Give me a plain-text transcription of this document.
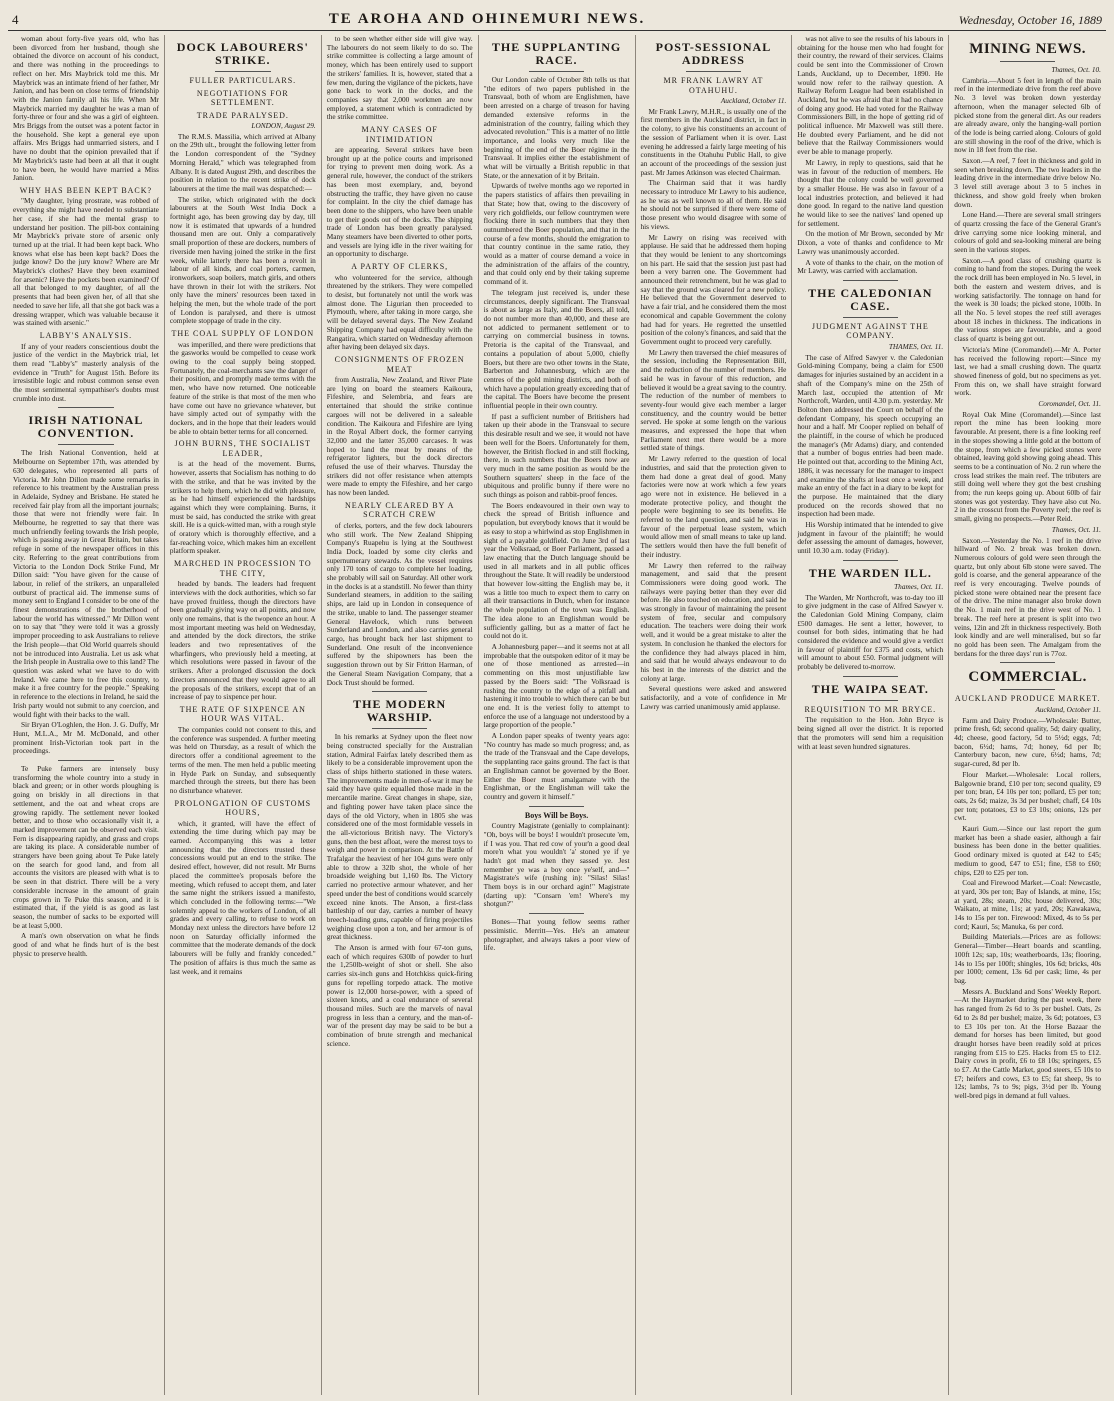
4	TE AROHA AND OHINEMURI NEWS.	Wednesday, October 16, 1889

woman about forty-five years old, who has been divorced from her husband, though she obtained the divorce on account of his conduct, and there was nothing in the proceedings to reflect on her. Mrs Maybrick told me this. Mr Maybrick was an intimate friend of her father, Mr Janion, and has been on close terms of friendship with the Janion family all his life. When Mr Maybrick married my daughter he was a man of forty-three or four and she was a girl of eighteen. Mrs Briggs from the outset was a potent factor in the household. She kept a general eye upon affairs. Mrs Briggs had unmarried sisters, and I have no doubt that the opinion prevailed that if Mr Maybrick's taste had been at all that it ought to have been, he would have married a Miss Janion.

WHY HAS BEEN KEPT BACK?

"My daughter, lying prostrate, was robbed of everything she might have needed to substantiate her case, if she had the mental grasp to understand her position. The pill-box containing Mr Maybrick's private store of arsenic only turned up at the trial. It had been kept back. Who knows what else has been kept back? Does the judge know? Do the jury know? Where are Mr Maybrick's clothes? Have they been examined for arsenic? Have the pockets been examined? Of all that belonged to my daughter, of all the presents that had been given her, of all that she needed to save her life, all that she got back was a dressing wrapper, which was valuable because it was stained with arsenic."

LABBY'S ANALYSIS.

If any of your readers conscientious doubt the justice of the verdict in the Maybrick trial, let them read "Labby's" masterly analysis of the evidence in "Truth" for August 15th. Before its irresistible logic and robust common sense even the most sentimental sympathiser's doubts must crumble into dust.

IRISH NATIONAL CONVENTION.

The Irish National Convention, held at Melbourne on September 17th, was attended by 630 delegates, who represented all parts of Victoria. Mr John Dillon made some remarks in reference to his treatment by the Australian press in Adelaide, Sydney and Brisbane. He stated he received fair play from all the important journals; those that were not friendly were fair. In Melbourne, he regretted to say that there was much unfriendly feeling towards the Irish people, which is passing away in Great Britain, but takes refuge in some of the newspaper offices in this city. Referring to the great contributions from Victoria to the London Dock Strike Fund, Mr Dillon said: "You have given for the cause of labour, in relief of the strikers, an unparalleled outburst of practical aid. The immense sums of money sent to England I consider to be one of the finest demonstrations of the brotherhood of labour the world has witnessed." Mr Dillon went on to say that "they were told it was a grossly improper proceeding to ask Australians to relieve the Irish people—that Old World quarrels should not be introduced into Australia. Let us ask what the Irish people in Australia owe to this land? The question was asked what we have to do with Ireland. We came here to free this country, to make it a free country for the people." Speaking in reference to the elections in Ireland, he said the Irish party would not submit to any coercion, and would fight with their backs to the wall.

Sir Bryan O'Loghlen, the Hon. J. G. Duffy, Mr Hunt, M.L.A., Mr M. McDonald, and other prominent Irish-Victorian took part in the proceedings.

Te Puke farmers are intensely busy transforming the whole country into a study in black and green; or in other words ploughing is going on briskly in all directions in that settlement, and the oat and wheat crops are growing rapidly. The settlement never looked better, and to those who occasionally visit it, a marked improvement can be observed each visit. Fern is disappearing rapidly, and grass and crops are taking its place. A considerable number of strangers have been going about Te Puke lately on the search for good land, and from all accounts the visitors are pleased with what is to be seen in that district. There will be a very considerable increase in the amount of grain crops grown in Te Puke this season, and it is estimated that, if the yield is as good as last season, the number of sacks to be exported will be at least 5,000.

A man's own observation on what he finds good of and what he finds hurt of is the best physic to preserve health.

DOCK LABOURERS' STRIKE.
FULLER PARTICULARS.
NEGOTIATIONS FOR SETTLEMENT.
TRADE PARALYSED.
LONDON, August 29.

The R.M.S. Massilia, which arrived at Albany on the 29th ult., brought the following letter from the London correspondent of the "Sydney Morning Herald," which was telegraphed from Albany. It is dated August 29th, and describes the position in relation to the recent strike of dock labourers at the time the mail was despatched:—

The strike, which originated with the dock labourers at the South West India Dock a fortnight ago, has been growing day by day, till now it is estimated that upwards of a hundred thousand men are out. Only a comparatively small proportion of these are dockers, numbers of riverside men having joined the strike in the first week, while latterly there has been a revolt in labour of all kinds, and coal porters, carmen, ironworkers, soap boilers, match girls, and others have thrown in their lot with the strikers. Not only have the miners' resources been taxed in helping the men, but the whole trade of the port of London is paralysed, and there is utmost complete stoppage of trade in the city.

THE COAL SUPPLY OF LONDON

was imperilled, and there were predictions that the gasworks would be compelled to cease work owing to the coal supply being stopped. Fortunately, the coal-merchants saw the danger of their position, and promptly made terms with the men, who have now returned. One noticeable feature of the strike is that most of the men who have come out have no grievance whatever, but have simply acted out of sympathy with the dockers, and in the hope that their leaders would be able to obtain better terms for all concerned.

JOHN BURNS, THE SOCIALIST LEADER,

is at the head of the movement. Burns, however, asserts that Socialism has nothing to do with the strike, and that he was invited by the strikers to help them, which he did with pleasure, as he had himself experienced the hardships against which they were complaining. Burns, it must be said, has conducted the strike with great skill. He is a quick-witted man, with a rough style of oratory which is thoroughly effective, and a far-reaching voice, which makes him an excellent platform speaker.

MARCHED IN PROCESSION TO THE CITY,

headed by bands. The leaders had frequent interviews with the dock authorities, which so far have proved fruitless, though the directors have been gradually giving way on all points, and now only one remains, that is the twopence an hour. A most important meeting was held on Wednesday, and attended by the dock directors, the strike leaders and two representatives of the wharfingers, who previously held a meeting, at which resolutions were passed in favour of the strikers. After a prolonged discussion the dock directors announced that they would agree to all the proposals of the strikers, except that of an increase of pay to sixpence per hour.

THE RATE OF SIXPENCE AN HOUR WAS VITAL.

The companies could not consent to this, and the conference was suspended. A further meeting was held on Thursday, as a result of which the directors offer a conditional agreement to the terms of the men. The men held a public meeting in Hyde Park on Sunday, and subsequently marched through the streets, but there has been no disturbance whatever.

PROLONGATION OF CUSTOMS HOURS,

which, it granted, will have the effect of extending the time during which pay may be earned. Accompanying this was a letter announcing that the directors trusted these concessions would put an end to the strike. The desired effect, however, did not result. Mr Burns placed the committee's proposals before the meeting, which refused to accept them, and later the same night the strikers issued a manifesto, which concluded in the following terms:—"We solemnly appeal to the workers of London, of all grades and every calling, to refuse to work on Monday next unless the directors have before 12 noon on Saturday officially informed the committee that the moderate demands of the dock labourers will be fully and frankly conceded." The position of affairs is thus much the same as last week, and it remains

to be seen whether either side will give way. The labourers do not seem likely to do so. The strike committee is collecting a large amount of money, which has been entirely used to support the strikers' families. It is, however, stated that a few men, during the vigilance of the pickets, have gone back to work in the docks, and the companies say that 2,000 workmen are now employed, a statement which is contradicted by the strike committee.

MANY CASES OF INTIMIDATION

are appearing. Several strikers have been brought up at the police courts and imprisoned for trying to prevent men doing work. As a general rule, however, the conduct of the strikers has been most exemplary, and, beyond obstructing the traffic, they have given no cause for complaint. In the city the chief damage has been done to the shippers, who have been unable to get their goods out of the docks. The shipping trade of London has been greatly paralysed. Many steamers have been diverted to other ports, and vessels are lying idle in the river waiting for an opportunity to discharge.

A PARTY OF CLERKS,

who volunteered for the service, although threatened by the strikers. They were compelled to desist, but fortunately not until the work was almost done. The Ligurian then proceeded to Plymouth, where, after taking in more cargo, she will be delayed several days. The New Zealand Shipping Company had equal difficulty with the Rangatira, which started on Wednesday afternoon after having been delayed six days.

CONSIGNMENTS OF FROZEN MEAT

from Australia, New Zealand, and River Plate are lying on board the steamers Kaikoura, Fifeshire, and Selembria, and fears are entertained that should the strike continue cargoes will not be delivered in a saleable condition. The Kaikoura and Fifeshire are lying in the Royal Albert dock, the former carrying 32,000 and the latter 35,000 carcases. It was hoped to land the meat by means of the refrigerator lighters, but the dock directors refused the use of their wharves. Thursday the strikers did not offer resistance when attempts were made to empty the Fifeshire, and her cargo has now been landed.

NEARLY CLEARED BY A SCRATCH CREW

of clerks, porters, and the few dock labourers who still work. The New Zealand Shipping Company's Ruapehu is lying at the Southwest India Dock, loaded by some city clerks and supernumerary stewards. As the vessel requires only 170 tons of cargo to complete her loading, she probably will sail on Saturday. All other work in the docks is at a standstill. No fewer than thirty Sunderland steamers, in addition to the sailing ships, are laid up in London in consequence of the strike, unable to land. The passenger steamer General Havelock, which runs between Sunderland and London, and also carries general cargo, has brought back her last shipment to Sunderland. One result of the inconvenience suffered by the shipowners has been the suggestion thrown out by Sir Fritton Harman, of the General Steam Navigation Company, that a Dock Trust should be formed.

THE MODERN WARSHIP.

In his remarks at Sydney upon the fleet now being constructed specially for the Australian station, Admiral Fairfax lately described them as likely to be a considerable improvement upon the class of ships hitherto stationed in these waters. The improvements made in men-of-war it may be said they have quite equalled those made in the mercantile marine. Great changes in shape, size, and fighting power have taken place since the days of the old Victory, when in 1805 she was considered one of the most formidable vessels in the all-victorious British navy. The Victory's guns, then the best afloat, were the merest toys to weigh and power in comparison. At the Battle of Trafalgar the heaviest of her 104 guns were only able to throw a 32lb shot, the whole of her broadside weighing but 1,160 lbs. The Victory carried no protective armour whatever, and her speed under the best of conditions would scarcely exceed nine knots. The Anson, a first-class battleship of our day, carries a number of heavy breech-loading guns, capable of firing projectiles weighing close upon a ton, and her armour is of great thickness.

The Anson is armed with four 67-ton guns, each of which requires 630lb of powder to hurl the 1,250lb-weight of shot or shell. She also carries six-inch guns and Hotchkiss quick-firing guns for repelling torpedo attack. The motive power is 12,000 horse-power, with a speed of sixteen knots, and a coal endurance of several thousand miles. Such are the marvels of naval progress in less than a century, and the man-of-war of the present day may be said to be but a combination of brute strength and mechanical science.

THE SUPPLANTING RACE.

Our London cable of October 8th tells us that "the editors of two papers published in the Transvaal, both of whom are Englishmen, have been arrested on a charge of treason for having demanded extensive reforms in the administration of the country, failing which they advocated revolution." This is a matter of no little importance, and looks very much like the beginning of the end of the Boer régime in the Transvaal. It implies either the establishment of what will be virtually a British republic in that State, or the annexation of it by Britain.

Upwards of twelve months ago we reported in the papers statistics of affairs then prevailing in that State; how that, owing to the discovery of very rich goldfields, our fellow countrymen were flocking there in such numbers that they then outnumbered the Boer population, and that in the course of a few months, should the emigration to that country continue in the same ratio, they would as a matter of course demand a voice in the administration of the affairs of the country, and that could only end by their taking supreme command of it.

The telegram just received is, under these circumstances, deeply significant. The Transvaal is about as large as Italy, and the Boers, all told, do not number more than 40,000, and these are not addicted to permanent settlement or to carrying on commercial business in towns. Pretoria is the capital of the Transvaal, and contains a population of about 5,000, chiefly Boers, but there are two other towns in the State, Barberton and Johannesburg, which are the centres of the gold mining districts, and both of which have a population greatly exceeding that of the capital. The Boers have become the present influential people in their own country.

If past a sufficient number of Britishers had taken up their abode in the Transvaal to secure this desirable result and we see, it would not have been well for the Boers. Unfortunately for them, however, the British flocked in and still flocking, there, in such numbers that the Boers now are very much in the same position as would be the Southern squatters' sheep in the face of the ubiquitous and prolific bunny if there were no such things as poison and rabbit-proof fences.

The Boers endeavoured in their own way to check the spread of British influence and population, but everybody knows that it would be as easy to stop a whirlwind as stop Englishmen in sight of a payable goldfield. On June 3rd of last year the Volksraad, or Boer Parliament, passed a law enacting that the Dutch language should be used in all markets and in all public offices throughout the State. It will readily be understood that however low-sitting the English may be, it was a little too much to expect them to carry on all their transactions in Dutch, when for instance the whole population of the town was English. The idea alone to an Englishman would be sufficiently galling, but as a matter of fact he could not do it.

A Johannesburg paper—and it seems not at all improbable that the outspoken editor of it may be one of those mentioned as arrested—in commenting on this most unjustifiable law passed by the Boers said: "The Volksraad is rushing the country to the edge of a pitfall and hastening it into trouble to which there can be but one end. It is the veriest folly to attempt to enforce the use of a language not understood by a large proportion of the people."

A London paper speaks of twenty years ago: "No country has made so much progress; and, as the trade of the Transvaal and the Cape develops, the supplanting race gains ground. The fact is that an Englishman cannot be governed by the Boer. Either the Boer must amalgamate with the Englishman, or the Englishman will take the country and govern it himself."

Boys Will be Boys.

Country Magistrate (genially to complainant): "Oh, boys will be boys! I wouldn't prosecute 'em, if I was you. That red cow of your'n a good deal more'n what you wouldn't 'a' stoned ye if ye hadn't got mad when they sassed ye. Jest remember ye was a boy once ye'self, and—" Magistrate's wife (rushing in): "Silas! Silas! Them boys is in our orchard agin!" Magistrate (darting up): "Consarn 'em! Where's my shotgun?"

Bones—That young fellow seems rather pessimistic. Merritt—Yes. He's an amateur photographer, and always takes a poor view of life.

POST-SESSIONAL ADDRESS
MR FRANK LAWRY AT OTAHUHU.
Auckland, October 11.

Mr Frank Lawry, M.H.R., is usually one of the first members in the Auckland district, in fact in the colony, to give his constituents an account of the session of Parliament when it is over. Last evening he addressed a fairly large meeting of his constituents in the Otahuhu Public Hall, to give an account of the proceedings of the session just past. Mr James Atkinson was elected Chairman.

The Chairman said that it was hardly necessary to introduce Mr Lawry to his audience, as he was as well known to all of them. He said he should not be surprised if there were some of those present who would disagree with some of his views.

Mr Lawry on rising was received with applause. He said that he addressed them hoping that they would be lenient to any shortcomings on his part. He said that the session just past had been a very barren one. The Government had announced their retrenchment, but he was glad to say that the ground was cleared for a new policy. He believed that the Government deserved to have a fair trial, and he considered them the most economical and capable Government the colony had had for years. He regretted the unsettled position of the colony's finances, and said that the Government ought to proceed very carefully.

Mr Lawry then traversed the chief measures of the session, including the Representation Bill, and the reduction of the number of members. He said he was in favour of this reduction, and believed it would be a great saving to the country. The reduction of the number of members to seventy-four would give each member a larger constituency, and the country would be better served. He spoke at some length on the various measures, and expressed the hope that when Parliament next met there would be a more settled state of things.

Mr Lawry referred to the question of local industries, and said that the protection given to them had done a great deal of good. Many factories were now at work which a few years ago were not in existence. He believed in a moderate protective policy, and thought the people were beginning to see its benefits. He referred to the land question, and said he was in favour of the perpetual lease system, which would allow men of small means to take up land. The settlers would then have the full benefit of their industry.

Mr Lawry then referred to the railway management, and said that the present Commissioners were doing good work. The railways were paying better than they ever did before. He also touched on education, and said he was strongly in favour of maintaining the present system of free, secular and compulsory education. The teachers were doing their work well, and it would be a great mistake to alter the system. In conclusion he thanked the electors for the confidence they had always placed in him, and said that he would always endeavour to do his best in the interests of the district and the colony at large.

Several questions were asked and answered satisfactorily, and a vote of confidence in Mr Lawry was carried unanimously amid applause.

was not alive to see the results of his labours in obtaining for the house men who had fought for their country, the reward of their services. Claims could be sent into the Commissioner of Crown Lands, Auckland, up to December, 1890. He would now refer to the railway question. A Railway Reform League had been established in Auckland, but he was afraid that it had no chance of doing any good. He had voted for the Railway Commissioners Bill, in the hope of getting rid of political influence. Mr Maxwell was still there. He doubted every Parliament, and he did not believe that the Railway Commissioners would ever be able to manage properly.

Mr Lawry, in reply to questions, said that he was in favour of the reduction of members. He thought that the colony could be well governed by a smaller House. He was also in favour of a local industries protection, and believed it had done good. In regard to the native land question he would like to see the natives' land opened up for settlement.

On the motion of Mr Brown, seconded by Mr Dixon, a vote of thanks and confidence to Mr Lawry was unanimously accorded.

A vote of thanks to the chair, on the motion of Mr Lawry, was carried with acclamation.

THE CALEDONIAN CASE.
JUDGMENT AGAINST THE COMPANY.
THAMES, Oct. 11.

The case of Alfred Sawyer v. the Caledonian Gold-mining Company, being a claim for £500 damages for injuries sustained by an accident in a shaft of the Company's mine on the 25th of March last, occupied the attention of Mr Northcroft, Warden, until 4.30 p.m. yesterday. Mr Bolton then addressed the Court on behalf of the defendant Company, his speech occupying an hour and a half. Mr Cooper replied on behalf of the plaintiff, in the course of which he produced the manager's (Mr Adams) diary, and contended that a number of bogus entries had been made. He pointed out that, according to the Mining Act, 1886, it was necessary for the manager to inspect and examine the shafts at least once a week, and make an entry of the fact in a diary to be kept for the purpose. He maintained that the diary produced on the records showed that no inspection had been made.

His Worship intimated that he intended to give judgment in favour of the plaintiff; he would defer assessing the amount of damages, however, until 10.30 a.m. today (Friday).

THE WARDEN ILL.
Thames, Oct. 11.

The Warden, Mr Northcroft, was to-day too ill to give judgment in the case of Alfred Sawyer v. the Caledonian Gold Mining Company, claim £500 damages. He sent a letter, however, to counsel for both sides, intimating that he had considered the evidence and would give a verdict in favour of plaintiff for £375 and costs, which will amount to about £50. Formal judgment will probably be delivered to-morrow.

THE WAIPA SEAT.
REQUISITION TO MR BRYCE.

The requisition to the Hon. John Bryce is being signed all over the district. It is reported that the promoters will send him a requisition with at least seven hundred signatures.

MINING NEWS.
Thames, Oct. 10.

Cambria.—About 5 feet in length of the main reef in the intermediate drive from the reef above No. 3 level was broken down yesterday afternoon, when the manager selected 6lb of picked stone from the general dirt. As our readers are already aware, only the hanging-wall portion of the lode is being carried along. Colours of gold are still showing in the roof of the drive, which is now in 18 feet from the rise.

Saxon.—A reef, 7 feet in thickness and gold in seen when breaking down. The two leaders in the leading drive in the intermediate drive below No. 3 level still average about 3 to 5 inches in thickness, and show gold freely when broken down.

Lone Hand.—There are several small stringers of quartz crossing the face of the General Grant's drive carrying some nice looking mineral, and colours of gold and sea-looking mineral are being seen in the various stopes.

Saxon.—A good class of crushing quartz is coming to hand from the stopes. During the week the rock drill has been employed in No. 5 level, in both the eastern and western drives, and is working satisfactorily. The tonnage on hand for the week is 30 loads; the picked stone, 100lb. In all the No. 5 level stopes the reef still averages about 18 inches in thickness. The indications in the various stopes are favourable, and a good class of quartz is being got out.

Victoria's Mine (Coromandel).—Mr A. Porter has received the following report:—Since my last, we had a small crushing down. The quartz showed fineness of gold, but no specimens as yet. From this on, we shall have straight forward work.

Coromandel, Oct. 11.

Royal Oak Mine (Coromandel).—Since last report the mine has been looking more favourable. At present, there is a fine looking reef in the stopes showing a little gold at the bottom of the stope, from which a few picked stones were obtained, leaving gold showing going ahead. This seems to be a continuation of No. 2 run where the cross lead strikes the main reef. The tributers are still doing well where they got the best crushing from; the run keeps going up. About 60lb of fair stones was got yesterday. They have also cut No. 2 in the crosscut from the Poverty reef; the reef is small, giving no prospects.—Peter Reid.

Thames, Oct. 11.

Saxon.—Yesterday the No. 1 reef in the drive hillward of No. 2 break was broken down. Numerous colours of gold were seen through the quartz, but only about 6lb stone were saved. The gold is coarse, and the general appearance of the reef is very encouraging. Twelve pounds of picked stone were obtained near the present face of the drive. The mine manager also broke down the No. 1 main reef in the drive west of No. 1 break. The reef here at present is split into two veins, 12in and 2ft in thickness respectively. Both look kindly and are well mineralised, but so far no gold has been seen. The Amalgam from the berdans for the three days' run is 77oz.

COMMERCIAL.
AUCKLAND PRODUCE MARKET.
Auckland, October 11.

Farm and Dairy Produce.—Wholesale: Butter, prime fresh, 6d; second quality, 5d; dairy quality, 4d; cheese, good factory, 5d to 5½d; eggs, 7d; bacon, 6½d; hams, 7d; honey, 6d per lb; Canterbury bacon, new cure, 6½d; hams, 7d; sugar-cured, 8d per lb.

Flour Market.—Wholesale: Local rollers, Balgownie brand, £10 per ton; second quality, £9 per ton; bran, £4 10s per ton; pollard, £5 per ton; oats, 2s 6d; maize, 3s 3d per bushel; chaff, £4 10s per ton; potatoes, £3 to £3 10s; onions, 12s per cwt.

Kauri Gum.—Since our last report the gum market has been a shade easier, although a fair business has been done in the better qualities. Good ordinary mixed is quoted at £42 to £45; medium to good, £47 to £51; fine, £58 to £60; chips, £20 to £25 per ton.

Coal and Firewood Market.—Coal: Newcastle, at yard, 30s per ton; Bay of Islands, at mine, 15s; at yard, 28s; steam, 20s; house delivered, 30s; Waikato, at mine, 11s; at yard, 20s; Kawakawa, 14s to 15s per ton. Firewood: Mixed, 4s to 5s per cord; Kauri, 5s; Manuka, 6s per cord.

Building Materials.—Prices are as follows: General—Timber—Heart boards and scantling, 100ft 12s; sap, 10s; weatherboards, 13s; flooring, 14s to 15s per 100ft; shingles, 10s 6d; bricks, 40s per 1000; cement, 13s 6d per cask; lime, 4s per bag.

Messrs A. Buckland and Sons' Weekly Report.—At the Haymarket during the past week, there has ranged from 2s 6d to 3s per bushel. Oats, 2s 6d to 2s 8d per bushel; maize, 3s 6d; potatoes, £3 to £3 10s per ton. At the Horse Bazaar the demand for horses has been limited, but good draught horses have been readily sold at prices ranging from £15 to £25. Hacks from £5 to £12. Dairy cows in profit, £6 to £8 10s; springers, £5 to £7. At the Cattle Market, good steers, £5 10s to £7; heifers and cows, £3 to £5; fat sheep, 9s to 12s; lambs, 7s to 9s; pigs, 3½d per lb. Young well-bred pigs in demand at full values.
